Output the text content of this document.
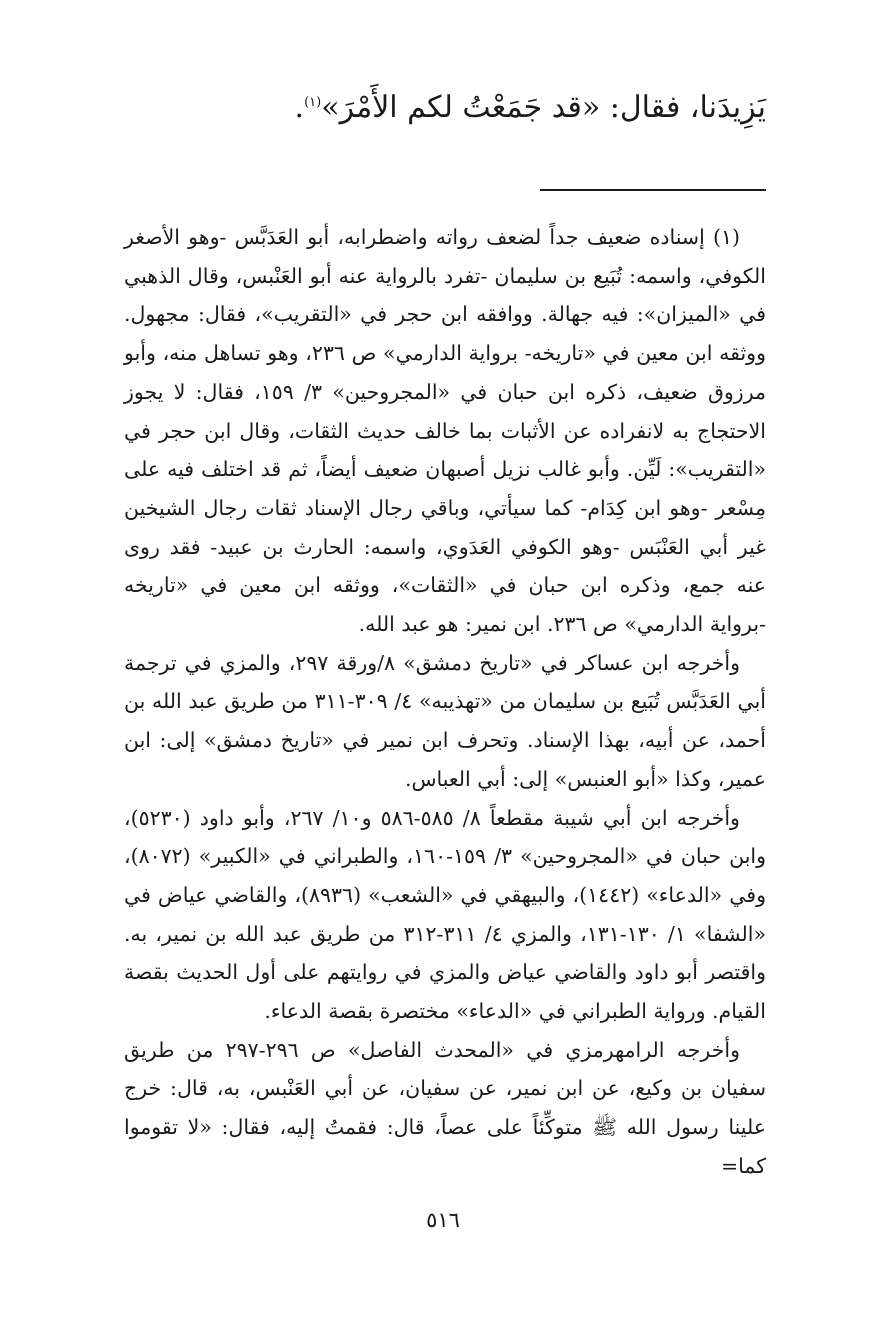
يَزِيدَنا، فقال: «قد جَمَعْتُ لكم الأَمْرَ»$^{(١)}$.

(١) إسناده ضعيف جداً لضعف رواته واضطرابه، أبو العَدَبَّس -وهو الأصغر الكوفي، واسمه: تُبَيع بن سليمان -تفرد بالرواية عنه أبو العَنْبس، وقال الذهبي في «الميزان»: فيه جهالة. ووافقه ابن حجر في «التقريب»، فقال: مجهول. ووثقه ابن معين في «تاريخه- برواية الدارمي» ص ٢٣٦، وهو تساهل منه، وأبو مرزوق ضعيف، ذكره ابن حبان في «المجروحين» ٣/ ١٥٩، فقال: لا يجوز الاحتجاج به لانفراده عن الأثبات بما خالف حديث الثقات، وقال ابن حجر في «التقريب»: لَيِّن. وأبو غالب نزيل أصبهان ضعيف أيضاً، ثم قد اختلف فيه على مِسْعر -وهو ابن كِدَام- كما سيأتي، وباقي رجال الإسناد ثقات رجال الشيخين غير أبي العَنْبَس -وهو الكوفي العَدَوي، واسمه: الحارث بن عبيد- فقد روى عنه جمع، وذكره ابن حبان في «الثقات»، ووثقه ابن معين في «تاريخه -برواية الدارمي» ص ٢٣٦. ابن نمير: هو عبد الله.

وأخرجه ابن عساكر في «تاريخ دمشق» ٨/ورقة ٢٩٧، والمزي في ترجمة أبي العَدَبَّس تُبَيع بن سليمان من «تهذيبه» ٤/ ٣٠٩-٣١١ من طريق عبد الله بن أحمد، عن أبيه، بهذا الإسناد. وتحرف ابن نمير في «تاريخ دمشق» إلى: ابن عمير، وكذا «أبو العنبس» إلى: أبي العباس.

وأخرجه ابن أبي شيبة مقطعاً ٨/ ٥٨٥-٥٨٦ و١٠/ ٢٦٧، وأبو داود (٥٢٣٠)، وابن حبان في «المجروحين» ٣/ ١٥٩-١٦٠، والطبراني في «الكبير» (٨٠٧٢)، وفي «الدعاء» (١٤٤٢)، والبيهقي في «الشعب» (٨٩٣٦)، والقاضي عياض في «الشفا» ١/ ١٣٠-١٣١، والمزي ٤/ ٣١١-٣١٢ من طريق عبد الله بن نمير، به. واقتصر أبو داود والقاضي عياض والمزي في روايتهم على أول الحديث بقصة القيام. ورواية الطبراني في «الدعاء» مختصرة بقصة الدعاء.

وأخرجه الرامهرمزي في «المحدث الفاصل» ص ٢٩٦-٢٩٧ من طريق سفيان بن وكيع، عن ابن نمير، عن سفيان، عن أبي العَنْبس، به، قال: خرج علينا رسول الله ﷺ متوكِّئاً على عصاً، قال: فقمتُ إليه، فقال: «لا تقوموا كما=

٥١٦
